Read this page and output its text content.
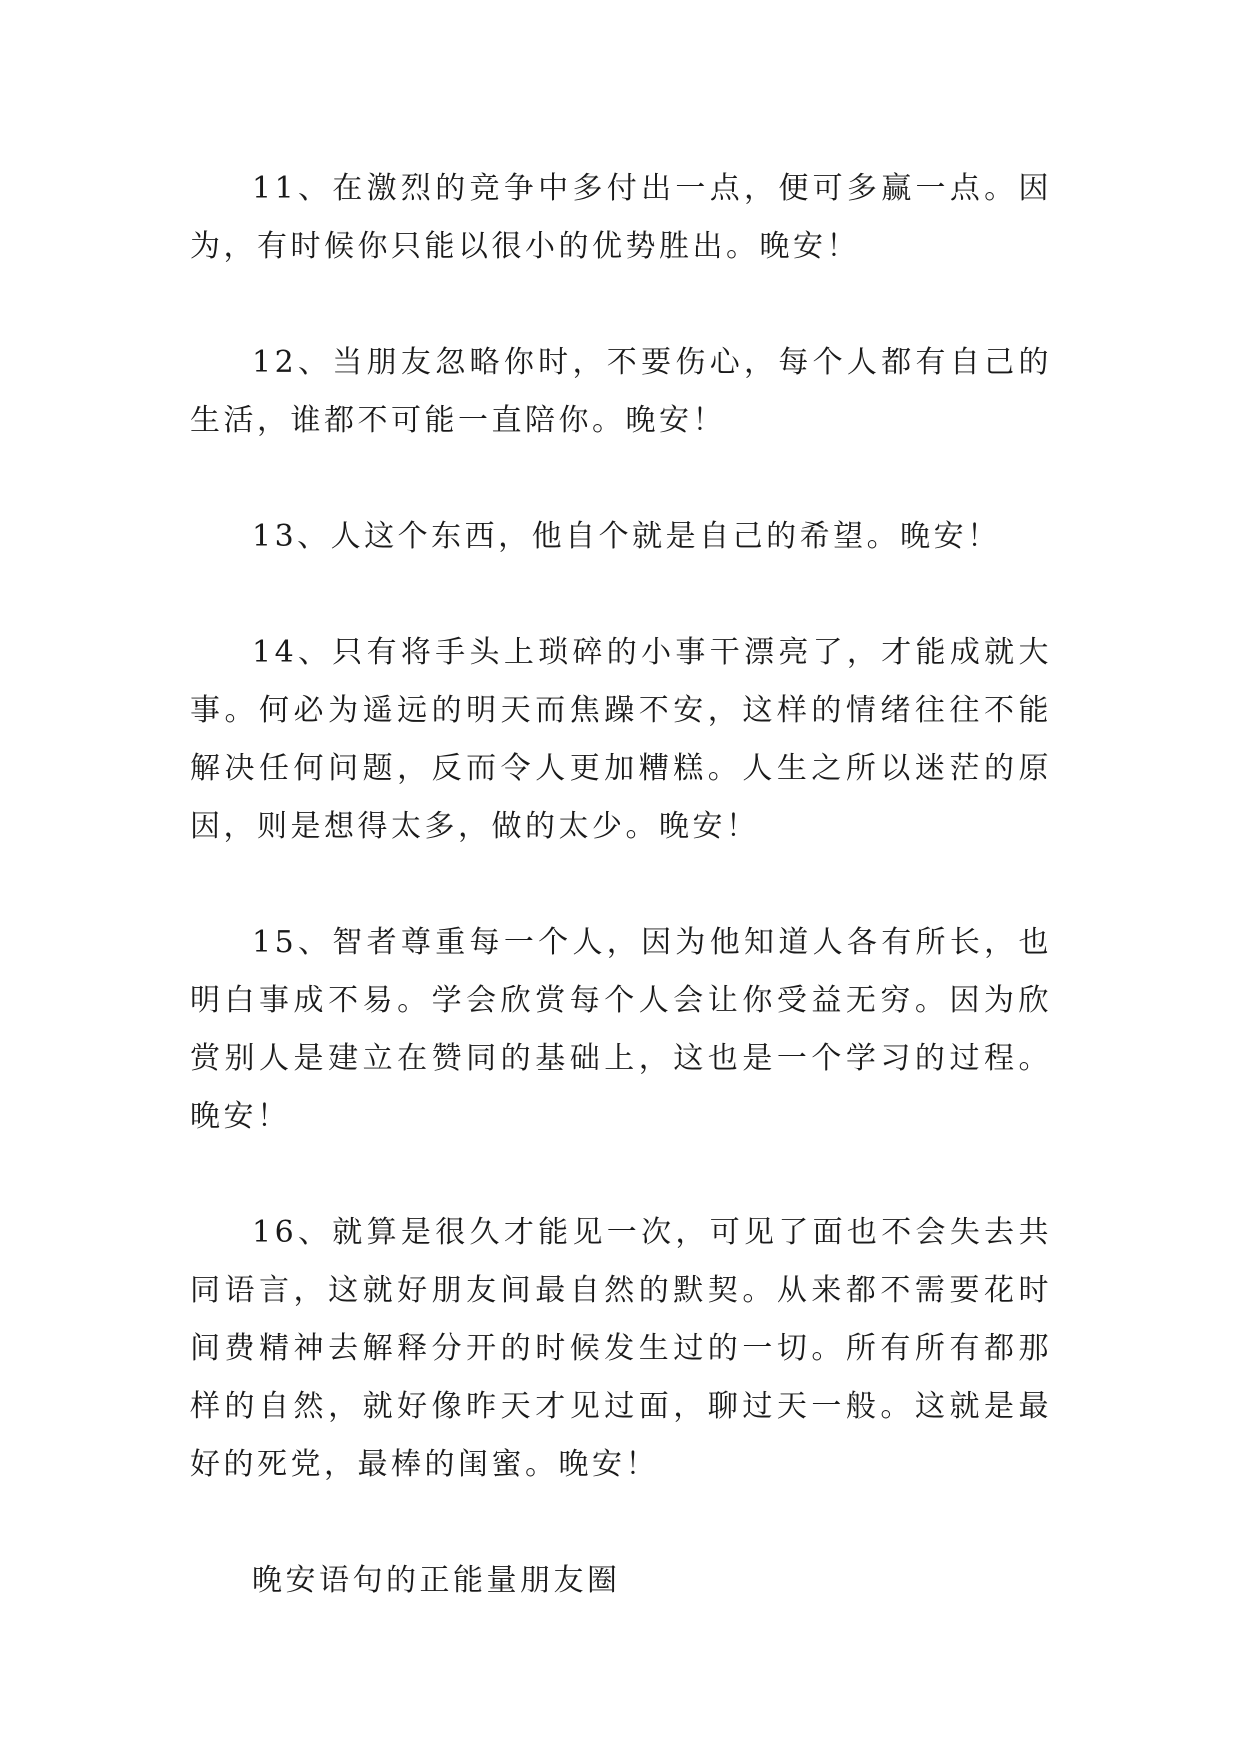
11、在激烈的竞争中多付出一点，便可多赢一点。因为，有时候你只能以很小的优势胜出。晚安！

12、当朋友忽略你时，不要伤心，每个人都有自己的生活，谁都不可能一直陪你。晚安！

13、人这个东西，他自个就是自己的希望。晚安！

14、只有将手头上琐碎的小事干漂亮了，才能成就大事。何必为遥远的明天而焦躁不安，这样的情绪往往不能解决任何问题，反而令人更加糟糕。人生之所以迷茫的原因，则是想得太多，做的太少。晚安！

15、智者尊重每一个人，因为他知道人各有所长，也明白事成不易。学会欣赏每个人会让你受益无穷。因为欣赏别人是建立在赞同的基础上，这也是一个学习的过程。晚安！

16、就算是很久才能见一次，可见了面也不会失去共同语言，这就好朋友间最自然的默契。从来都不需要花时间费精神去解释分开的时候发生过的一切。所有所有都那样的自然，就好像昨天才见过面，聊过天一般。这就是最好的死党，最棒的闺蜜。晚安！

晚安语句的正能量朋友圈
